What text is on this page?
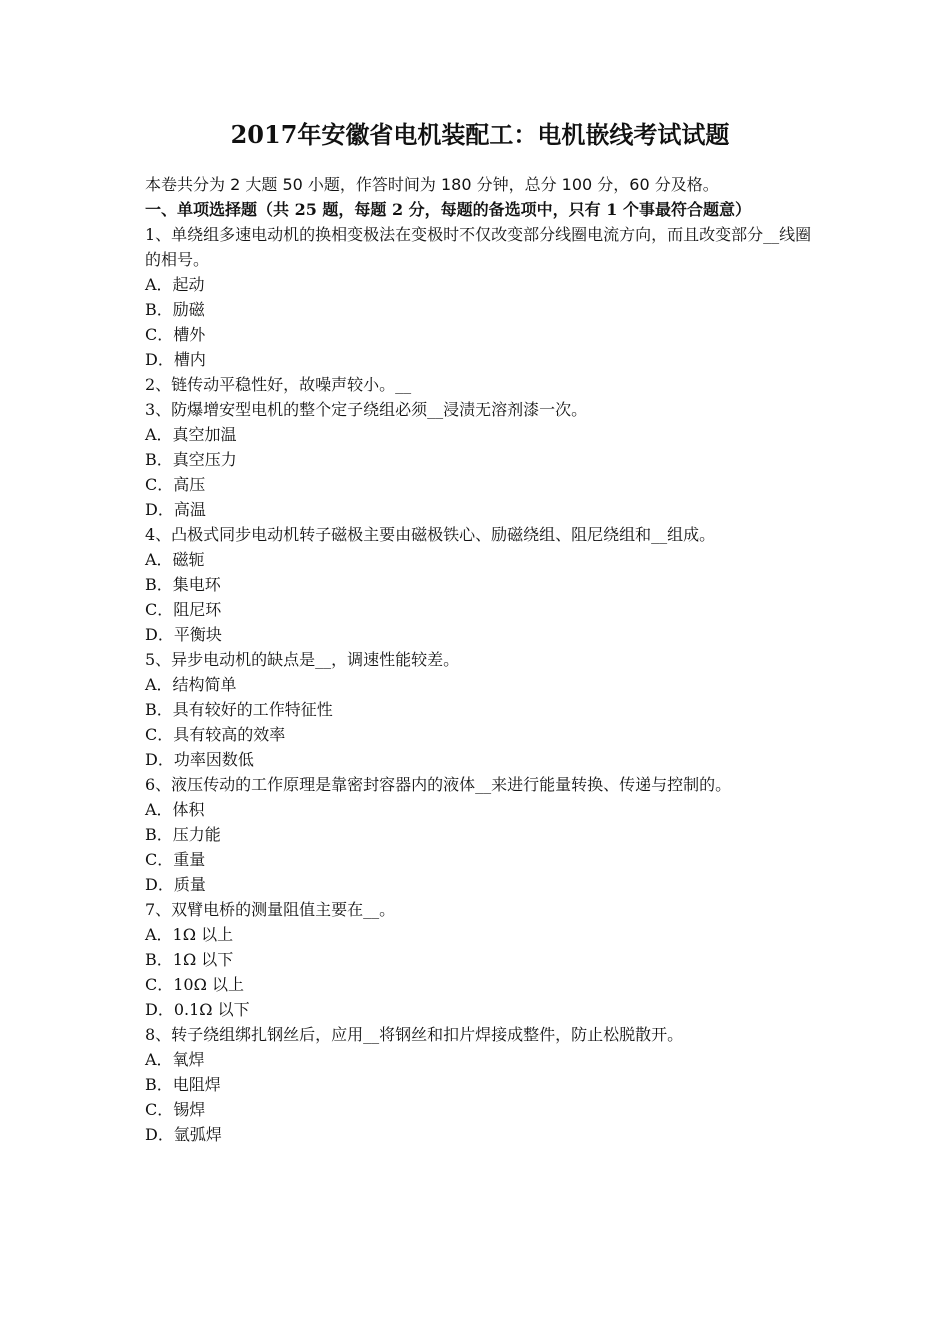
2017年安徽省电机装配工：电机嵌线考试试题
本卷共分为 2 大题 50 小题，作答时间为 180 分钟，总分 100 分，60 分及格。
一、单项选择题（共 25 题，每题 2 分，每题的备选项中，只有 1 个事最符合题意）
1、单绕组多速电动机的换相变极法在变极时不仅改变部分线圈电流方向，而且改变部分__线圈的相号。
A．起动
B．励磁
C．槽外
D．槽内
2、链传动平稳性好，故噪声较小。__
3、防爆增安型电机的整个定子绕组必须__浸渍无溶剂漆一次。
A．真空加温
B．真空压力
C．高压
D．高温
4、凸极式同步电动机转子磁极主要由磁极铁心、励磁绕组、阻尼绕组和__组成。
A．磁轭
B．集电环
C．阻尼环
D．平衡块
5、异步电动机的缺点是__，调速性能较差。
A．结构简单
B．具有较好的工作特征性
C．具有较高的效率
D．功率因数低
6、液压传动的工作原理是靠密封容器内的液体__来进行能量转换、传递与控制的。
A．体积
B．压力能
C．重量
D．质量
7、双臂电桥的测量阻值主要在__。
A．1Ω 以上
B．1Ω 以下
C．10Ω 以上
D．0.1Ω 以下
8、转子绕组绑扎钢丝后，应用__将钢丝和扣片焊接成整件，防止松脱散开。
A．氧焊
B．电阻焊
C．锡焊
D．氩弧焊
